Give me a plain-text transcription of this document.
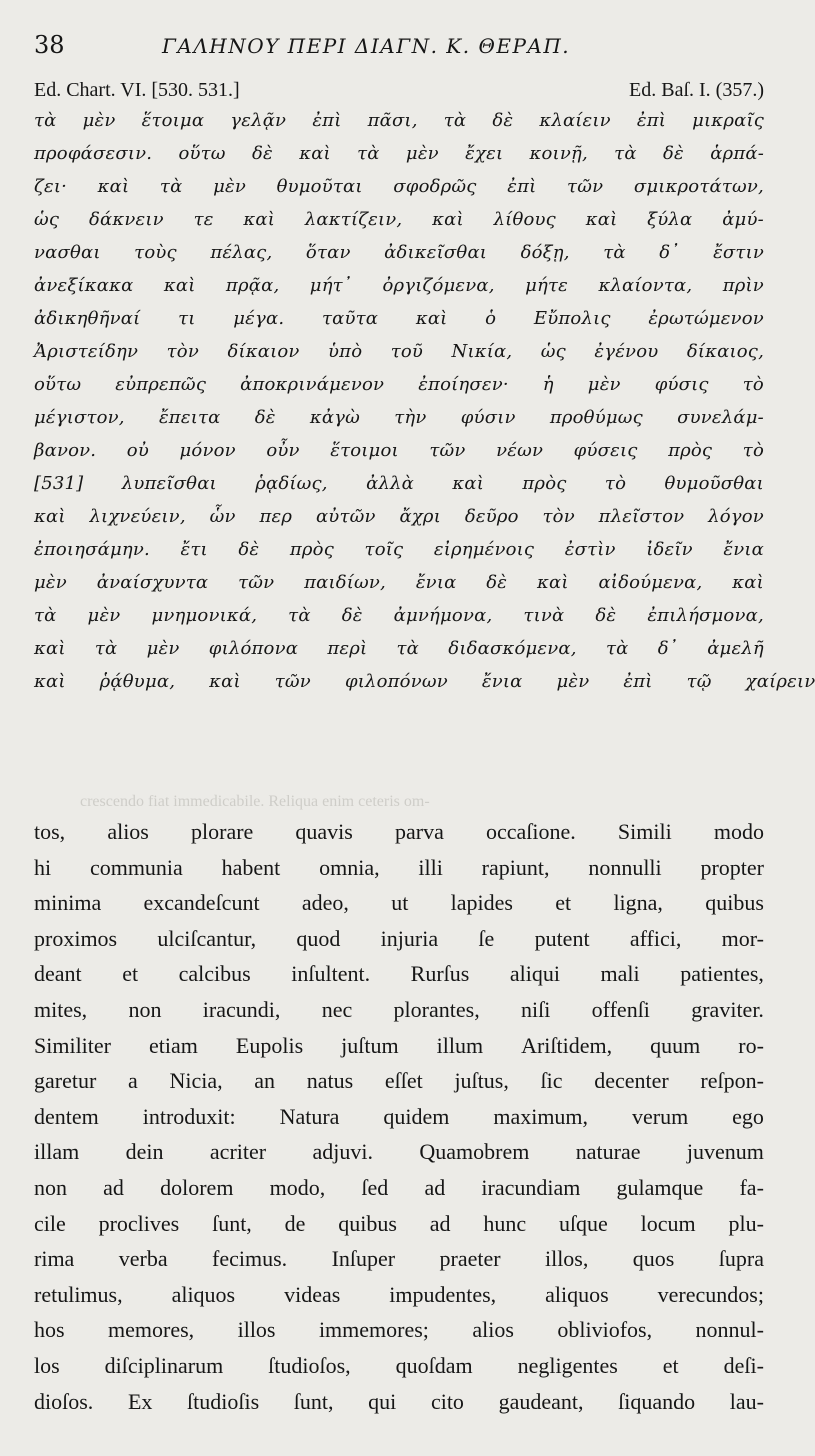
38	ΓΑΛΗΝΟΥ ΠΕΡΙ ΔΙΑΓΝ. Κ. ΘΕΡΑΠ.
Ed. Chart. VI. [530. 531.]	Ed. Baſ. I. (357.)
τὰ μὲν ἕτοιμα γελᾷν ἐπὶ πᾶσι, τὰ δὲ κλαίειν ἐπὶ μικραῖς
προφάσεσιν. οὕτω δὲ καὶ τὰ μὲν ἔχει κοινῇ, τὰ δὲ ἁρπά-
ζει· καὶ τὰ μὲν θυμοῦται σφοδρῶς ἐπὶ τῶν σμικροτάτων,
ὡς δάκνειν τε καὶ λακτίζειν, καὶ λίθους καὶ ξύλα ἀμύ-
νασθαι τοὺς πέλας, ὅταν ἀδικεῖσθαι δόξῃ, τὰ δ᾽ ἔστιν
ἀνεξίκακα καὶ πρᾷα, μήτ᾽ ὀργιζόμενα, μήτε κλαίοντα, πρὶν
ἀδικηθῆναί τι μέγα. ταῦτα καὶ ὁ Εὔπολις ἐρωτώμενον
Ἀριστείδην τὸν δίκαιον ὑπὸ τοῦ Νικία, ὡς ἐγένου δίκαιος,
οὕτω εὐπρεπῶς ἀποκρινάμενον ἐποίησεν· ἡ μὲν φύσις τὸ
μέγιστον, ἔπειτα δὲ κἀγὼ τὴν φύσιν προθύμως συνελάμ-
βανον. οὐ μόνον οὖν ἕτοιμοι τῶν νέων φύσεις πρὸς τὸ
[531] λυπεῖσθαι ῥᾳδίως, ἀλλὰ καὶ πρὸς τὸ θυμοῦσθαι
καὶ λιχνεύειν, ὧν περ αὐτῶν ἄχρι δεῦρο τὸν πλεῖστον λόγον
ἐποιησάμην. ἔτι δὲ πρὸς τοῖς εἰρημένοις ἐστὶν ἰδεῖν ἔνια
μὲν ἀναίσχυντα τῶν παιδίων, ἔνια δὲ καὶ αἰδούμενα, καὶ
τὰ μὲν μνημονικά, τὰ δὲ ἀμνήμονα, τινὰ δὲ ἐπιλήσμονα,
καὶ τὰ μὲν φιλόπονα περὶ τὰ διδασκόμενα, τὰ δ᾽ ἀμελῆ
καὶ ῥᾴθυμα, καὶ τῶν φιλοπόνων ἔνια μὲν ἐπὶ τῷ χαίρειν
crescendo fiat immedicabile. Reliqua enim ceteris om-
tos, alios plorare quavis parva occaſione. Simili modo
hi communia habent omnia, illi rapiunt, nonnulli propter
minima excandeſcunt adeo, ut lapides et ligna, quibus
proximos ulciſcantur, quod injuria ſe putent affici, mor-
deant et calcibus inſultent. Rurſus aliqui mali patientes,
mites, non iracundi, nec plorantes, niſi offenſi graviter.
Similiter etiam Eupolis juſtum illum Ariſtidem, quum ro-
garetur a Nicia, an natus eſſet juſtus, ſic decenter reſpon-
dentem introduxit: Natura quidem maximum, verum ego
illam dein acriter adjuvi. Quamobrem naturae juvenum
non ad dolorem modo, ſed ad iracundiam gulamque fa-
cile proclives ſunt, de quibus ad hunc uſque locum plu-
rima verba fecimus. Inſuper praeter illos, quos ſupra
retulimus, aliquos videas impudentes, aliquos verecundos;
hos memores, illos immemores; alios obliviofos, nonnul-
los diſciplinarum ſtudioſos, quoſdam negligentes et deſi-
dioſos. Ex ſtudioſis ſunt, qui cito gaudeant, ſiquando lau-
